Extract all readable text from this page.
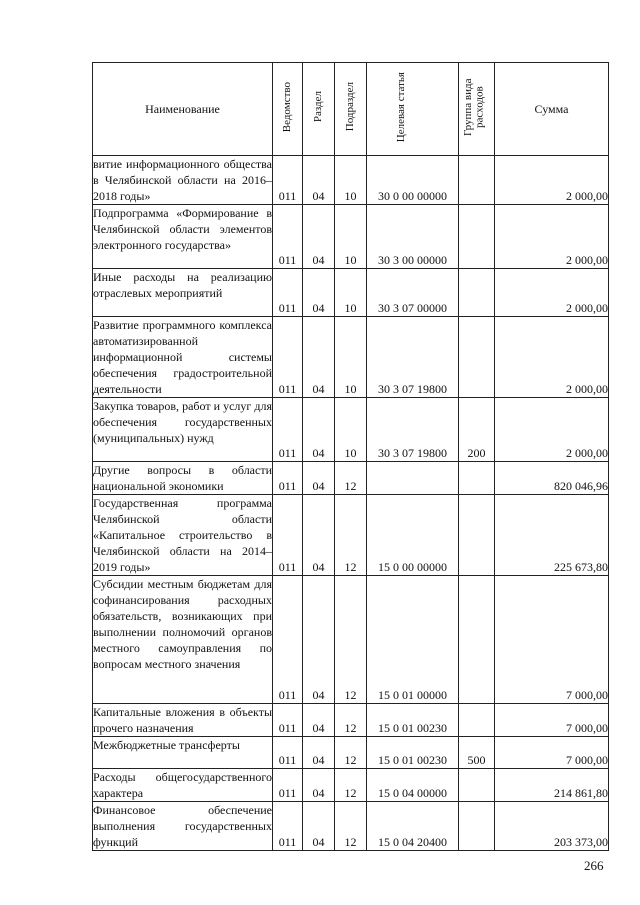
Наименование	Ведомство	Раздел	Подраздел	Целевая статья	Группа вида расходов	Сумма
витие информационного общества в Челябинской области на 2016–2018 годы»	011	04	10	30 0 00 00000		2 000,00
Подпрограмма «Формирование в Челябинской области элементов электронного государства»	011	04	10	30 3 00 00000		2 000,00
Иные расходы на реализацию отраслевых мероприятий	011	04	10	30 3 07 00000		2 000,00
Развитие программного комплекса автоматизированной информационной системы обеспечения градостроительной деятельности	011	04	10	30 3 07 19800		2 000,00
Закупка товаров, работ и услуг для обеспечения государственных (муниципальных) нужд	011	04	10	30 3 07 19800	200	2 000,00
Другие вопросы в области национальной экономики	011	04	12			820 046,96
Государственная программа Челябинской области «Капитальное строительство в Челябинской области на 2014–2019 годы»	011	04	12	15 0 00 00000		225 673,80
Субсидии местным бюджетам для софинансирования расходных обязательств, возникающих при выполнении полномочий органов местного самоуправления по вопросам местного значения	011	04	12	15 0 01 00000		7 000,00
Капитальные вложения в объекты прочего назначения	011	04	12	15 0 01 00230		7 000,00
Межбюджетные трансферты	011	04	12	15 0 01 00230	500	7 000,00
Расходы общегосударственного характера	011	04	12	15 0 04 00000		214 861,80
Финансовое обеспечение выполнения государственных функций	011	04	12	15 0 04 20400		203 373,00
266
